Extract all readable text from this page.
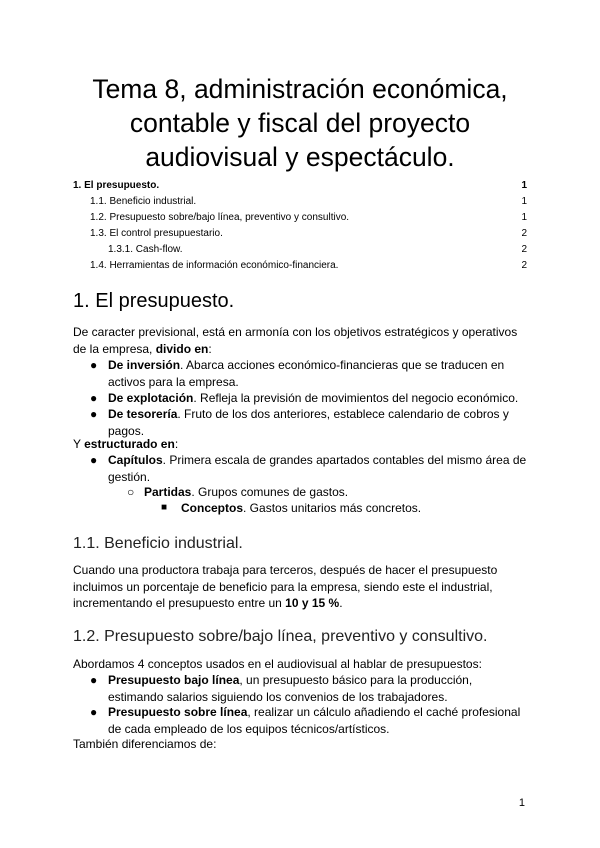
Tema 8, administración económica, contable y fiscal del proyecto audiovisual y espectáculo.
1. El presupuesto.	1
1.1. Beneficio industrial.	1
1.2. Presupuesto sobre/bajo línea, preventivo y consultivo.	1
1.3. El control presupuestario.	2
1.3.1. Cash-flow.	2
1.4. Herramientas de información económico-financiera.	2
1. El presupuesto.

De caracter previsional, está en armonía con los objetivos estratégicos y operativos de la empresa, divido en:

● De inversión. Abarca acciones económico-financieras que se traducen en activos para la empresa.

● De explotación. Refleja la previsión de movimientos del negocio económico.

● De tesorería. Fruto de los dos anteriores, establece calendario de cobros y pagos.

Y estructurado en:

● Capítulos. Primera escala de grandes apartados contables del mismo área de gestión.

○ Partidas. Grupos comunes de gastos.

■ Conceptos. Gastos unitarios más concretos.

1.1. Beneficio industrial.

Cuando una productora trabaja para terceros, después de hacer el presupuesto incluimos un porcentaje de beneficio para la empresa, siendo este el industrial, incrementando el presupuesto entre un 10 y 15 %.

1.2. Presupuesto sobre/bajo línea, preventivo y consultivo.

Abordamos 4 conceptos usados en el audiovisual al hablar de presupuestos:

● Presupuesto bajo línea, un presupuesto básico para la producción, estimando salarios siguiendo los convenios de los trabajadores.

● Presupuesto sobre línea, realizar un cálculo añadiendo el caché profesional de cada empleado de los equipos técnicos/artísticos.

También diferenciamos de:

1
